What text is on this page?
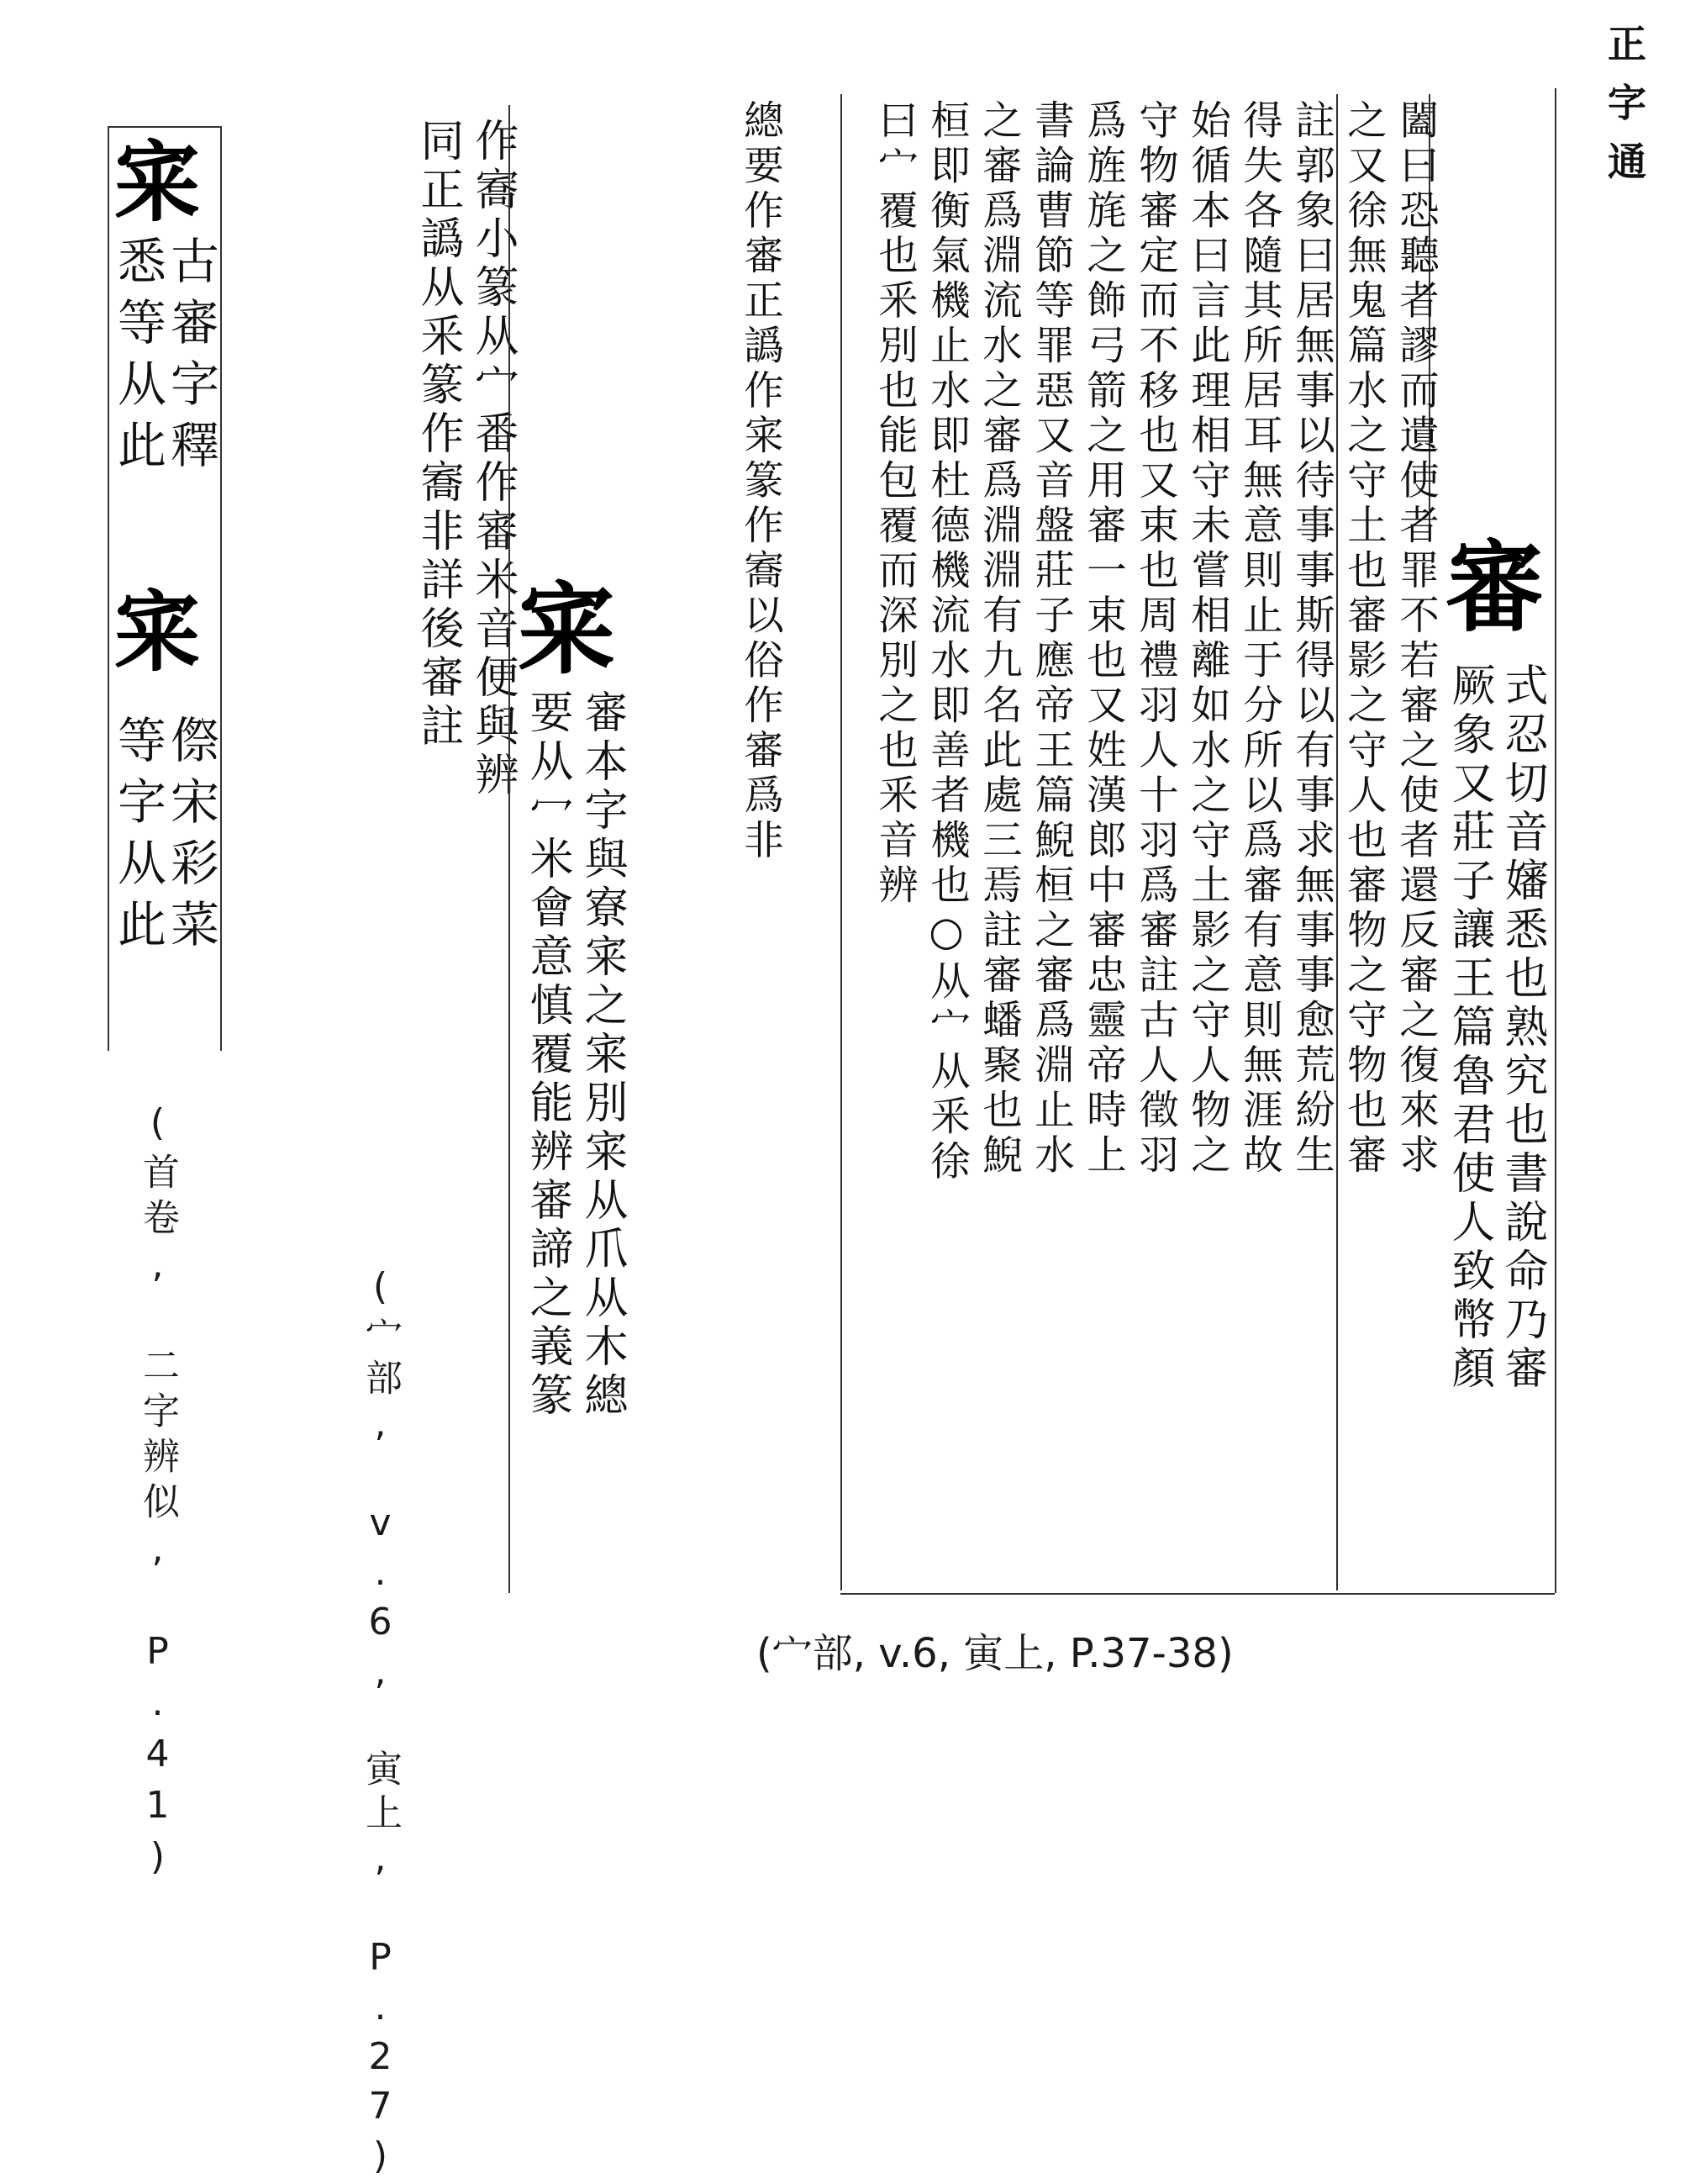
正字通
審
式忍切音嬸悉也熟究也書說命乃審
厥象又莊子讓王篇魯君使人致幣顏
闔曰恐聽者謬而遺使者罪不若審之使者還反審之復來求
之又徐無鬼篇水之守土也審影之守人也審物之守物也審
註郭象曰居無事以待事事斯得以有事求無事事愈荒紛生
得失各隨其所居耳無意則止于分所以爲審有意則無涯故
始循本曰言此理相守未嘗相離如水之守土影之守人物之
守物審定而不移也又束也周禮羽人十羽爲審註古人徵羽
爲旌旄之飾弓箭之用審一束也又姓漢郎中審忠靈帝時上
書論曹節等罪惡又音盤莊子應帝王篇鯢桓之審爲淵止水
之審爲淵流水之審爲淵淵有九名此處三焉註審蟠聚也鯢
桓即衡氣機止水即杜德機流水即善者機也○从宀从釆徐
曰宀覆也釆別也能包覆而深別之也釆音辨
總要作審正譌作宷篆作㝯以俗作審爲非
(宀部, v.6, 寅上, P.37-38)
宷
審本字與寮宷之宷別宷从爪从木總
要从冖米會意慎覆能辨審諦之義篆
作㝯小篆从宀番作審米音便與辨
同正譌从釆篆作㝯非詳後審註
(宀部, v.6, 寅上, P.27)
宷
宷
古審字釋
悉等从此
傺宋彩菜
等字从此
(首卷, 二字辨似, P.41)
